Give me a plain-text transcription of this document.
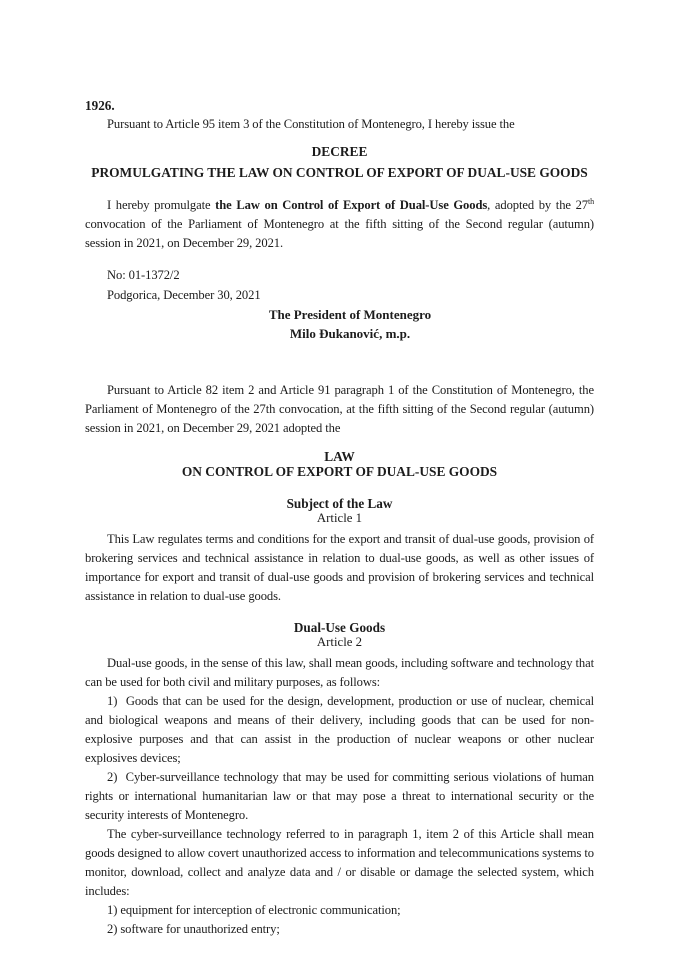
1926.

Pursuant to Article 95 item 3 of the Constitution of Montenegro, I hereby issue the

DECREE
PROMULGATING THE LAW ON CONTROL OF EXPORT OF DUAL-USE GOODS

I hereby promulgate the Law on Control of Export of Dual-Use Goods, adopted by the 27th convocation of the Parliament of Montenegro at the fifth sitting of the Second regular (autumn) session in 2021, on December 29, 2021.

No: 01-1372/2

Podgorica, December 30, 2021

The President of Montenegro
Milo Đukanović, m.p.

Pursuant to Article 82 item 2 and Article 91 paragraph 1 of the Constitution of Montenegro, the Parliament of Montenegro of the 27th convocation, at the fifth sitting of the Second regular (autumn) session in 2021, on December 29, 2021 adopted the

LAW
ON CONTROL OF EXPORT OF DUAL-USE GOODS
Subject of the Law
Article 1

This Law regulates terms and conditions for the export and transit of dual-use goods, provision of brokering services and technical assistance in relation to dual-use goods, as well as other issues of importance for export and transit of dual-use goods and provision of brokering services and technical assistance in relation to dual-use goods.

Dual-Use Goods
Article 2

Dual-use goods, in the sense of this law, shall mean goods, including software and technology that can be used for both civil and military purposes, as follows:

1)  Goods that can be used for the design, development, production or use of nuclear, chemical and biological weapons and means of their delivery, including goods that can be used for non-explosive purposes and that can assist in the production of nuclear weapons or other nuclear explosives devices;

2)  Cyber-surveillance technology that may be used for committing serious violations of human rights or international humanitarian law or that may pose a threat to international security or the security interests of Montenegro.

The cyber-surveillance technology referred to in paragraph 1, item 2 of this Article shall mean goods designed to allow covert unauthorized access to information and telecommunications systems to monitor, download, collect and analyze data and / or disable or damage the selected system, which includes:

1) equipment for interception of electronic communication;

2) software for unauthorized entry;
